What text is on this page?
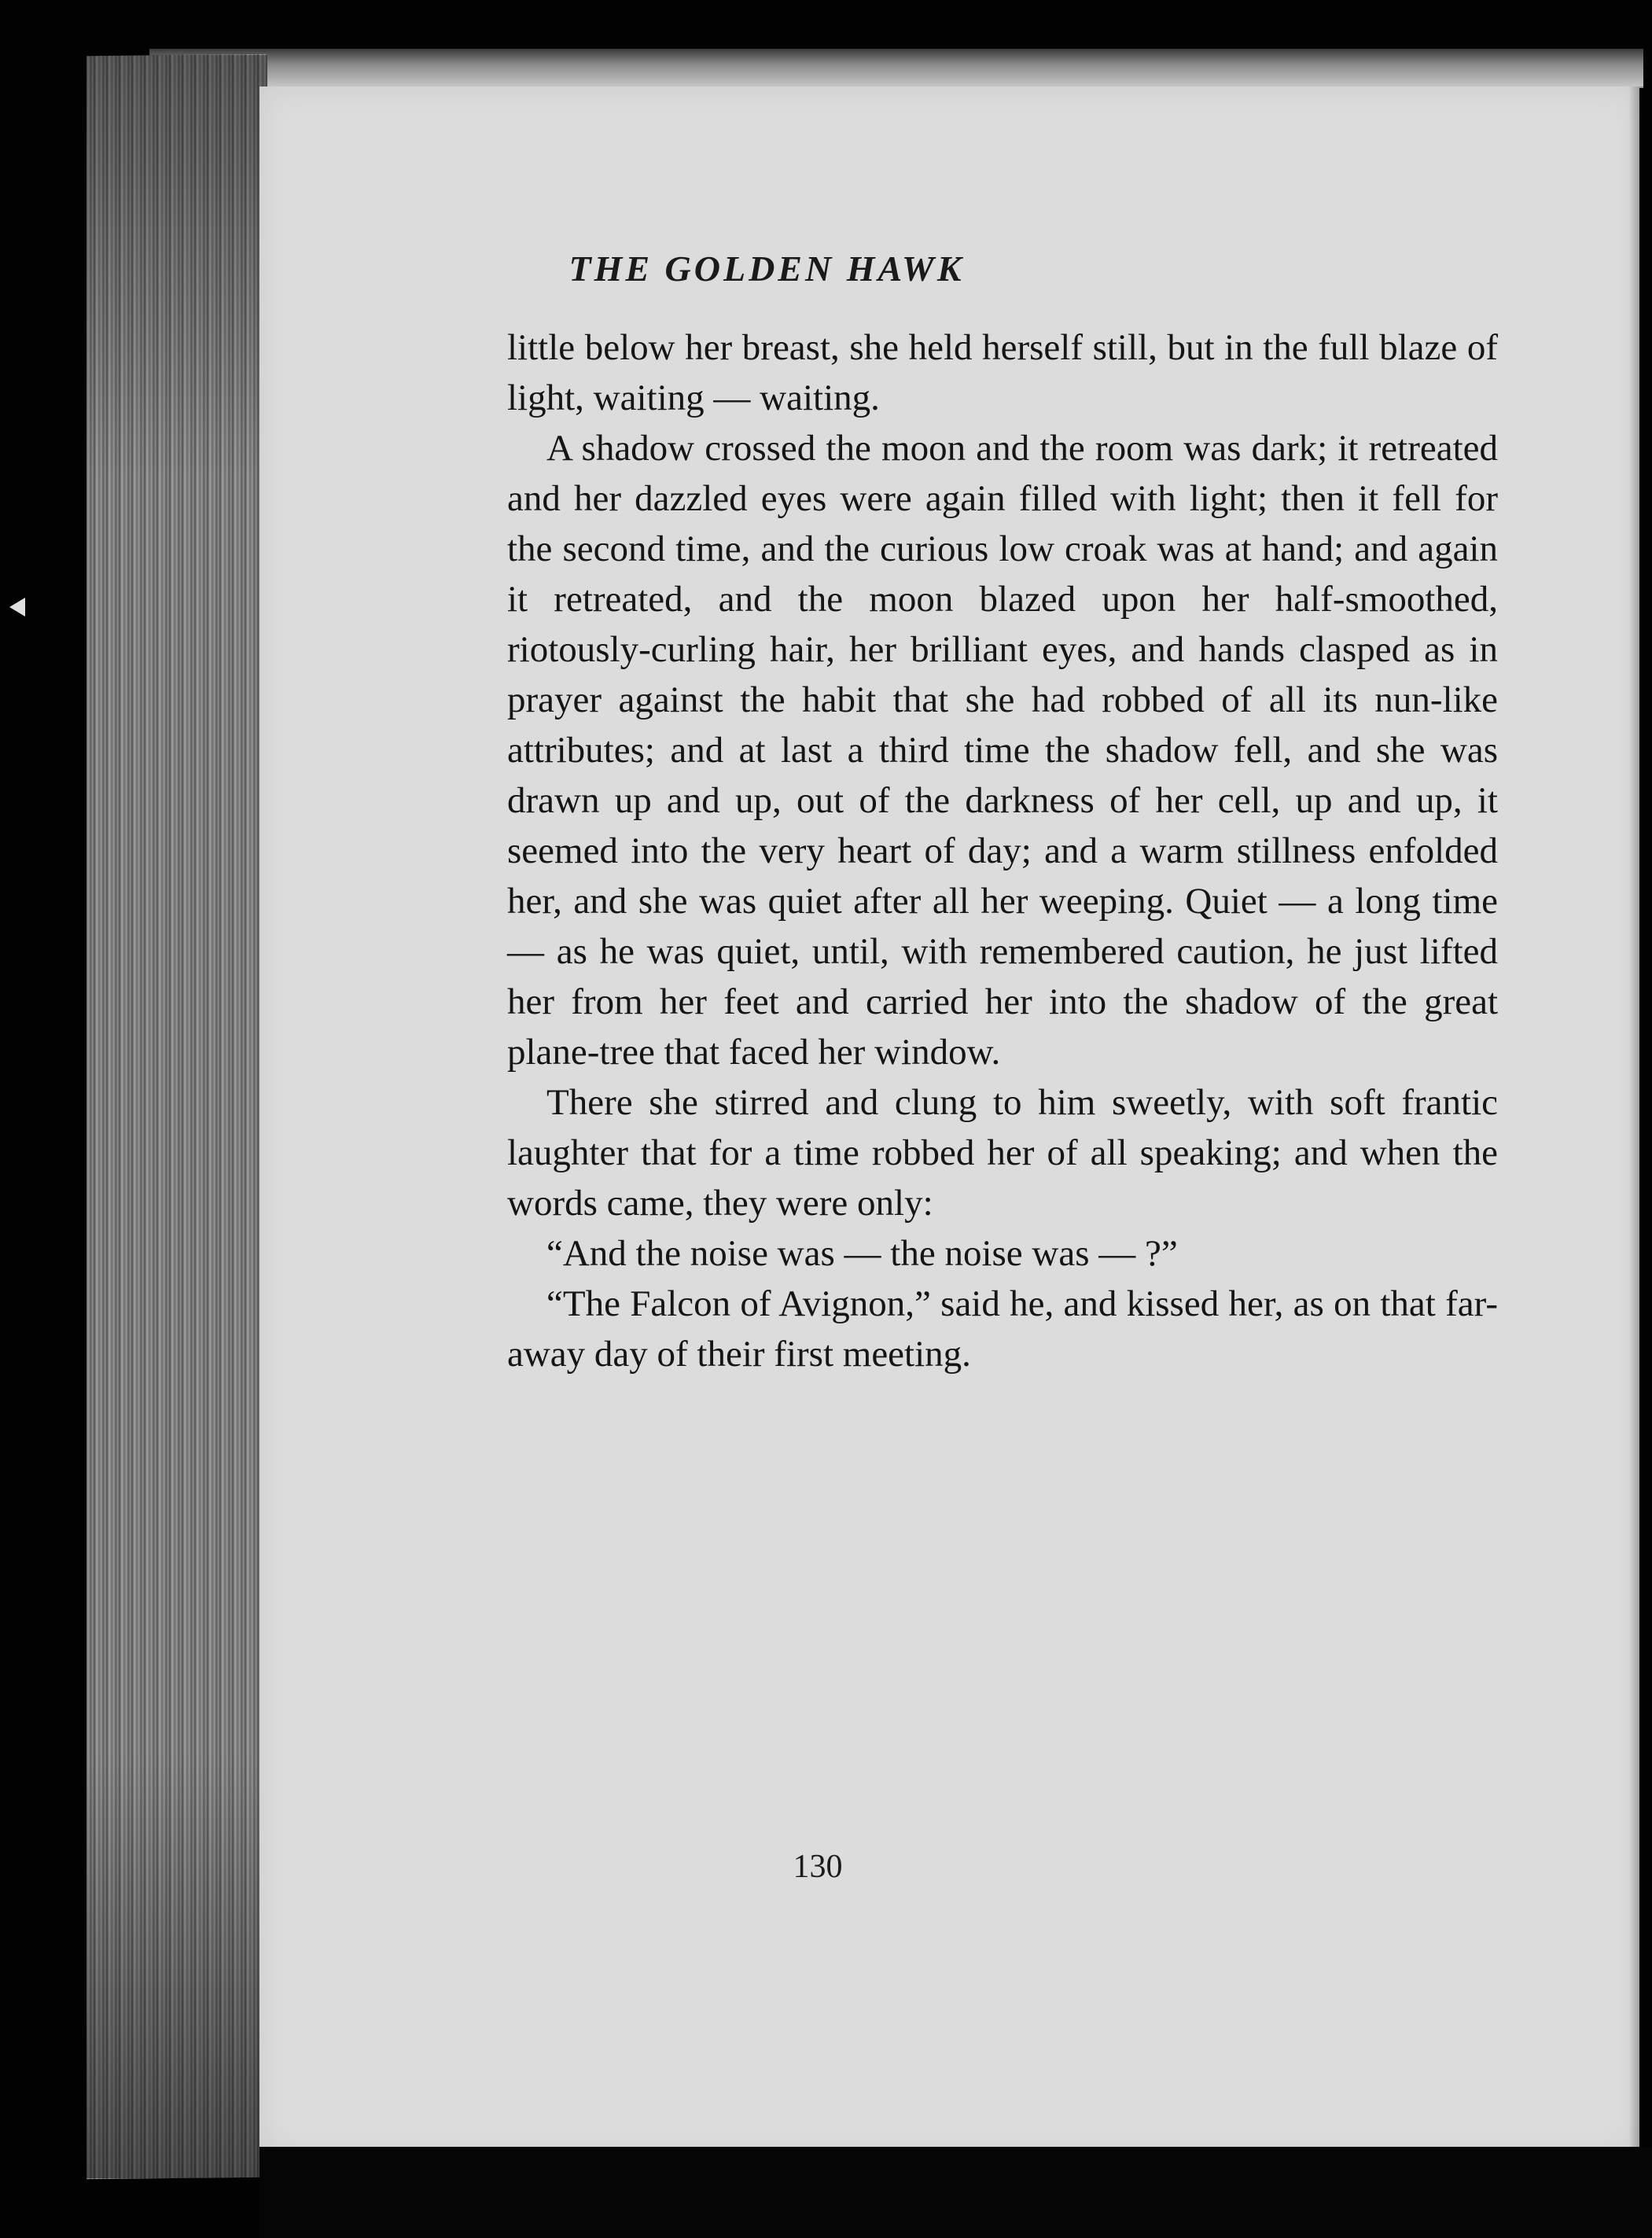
THE GOLDEN HAWK

little below her breast, she held herself still, but in the full blaze of light, waiting — waiting.

A shadow crossed the moon and the room was dark; it retreated and her dazzled eyes were again filled with light; then it fell for the second time, and the curious low croak was at hand; and again it retreated, and the moon blazed upon her half-smoothed, riotously-curling hair, her brilliant eyes, and hands clasped as in prayer against the habit that she had robbed of all its nun-like attributes; and at last a third time the shadow fell, and she was drawn up and up, out of the darkness of her cell, up and up, it seemed into the very heart of day; and a warm stillness enfolded her, and she was quiet after all her weeping. Quiet — a long time — as he was quiet, until, with remembered caution, he just lifted her from her feet and carried her into the shadow of the great plane-tree that faced her window.

There she stirred and clung to him sweetly, with soft frantic laughter that for a time robbed her of all speaking; and when the words came, they were only:

“And the noise was — the noise was — ?”

“The Falcon of Avignon,” said he, and kissed her, as on that far-away day of their first meeting.

130
